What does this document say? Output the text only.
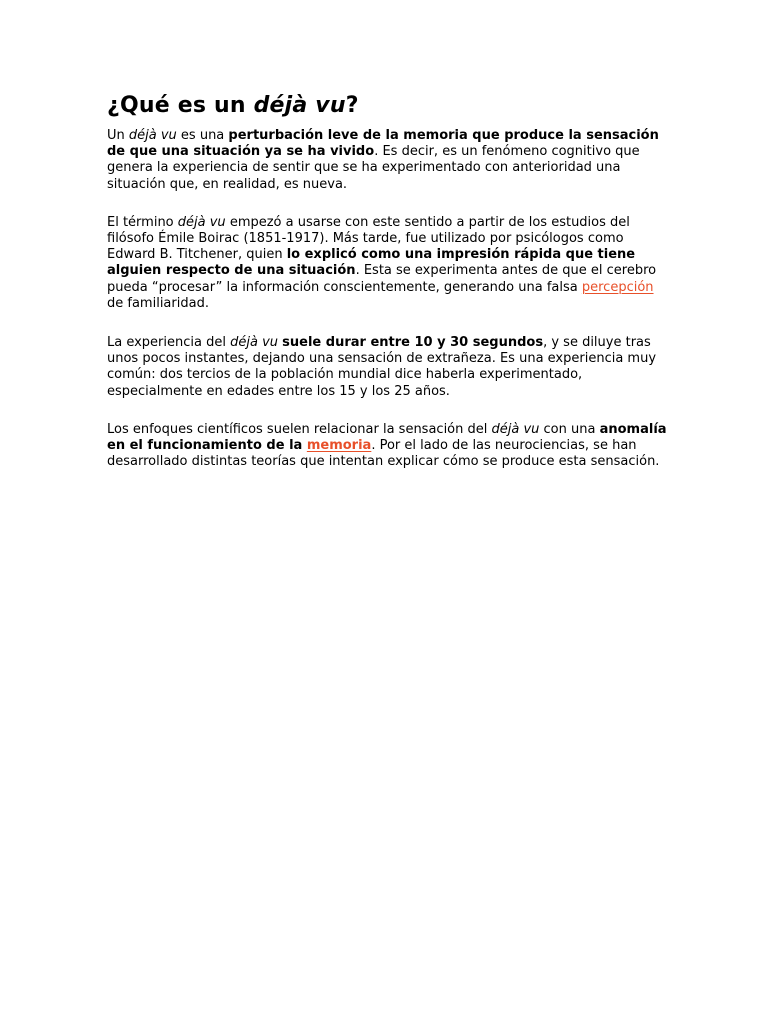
¿Qué es un déjà vu?

Un déjà vu es una perturbación leve de la memoria que produce la sensación de que una situación ya se ha vivido. Es decir, es un fenómeno cognitivo que genera la experiencia de sentir que se ha experimentado con anterioridad una situación que, en realidad, es nueva.

El término déjà vu empezó a usarse con este sentido a partir de los estudios del filósofo Émile Boirac (1851-1917). Más tarde, fue utilizado por psicólogos como Edward B. Titchener, quien lo explicó como una impresión rápida que tiene alguien respecto de una situación. Esta se experimenta antes de que el cerebro pueda “procesar” la información conscientemente, generando una falsa percepción de familiaridad.

La experiencia del déjà vu suele durar entre 10 y 30 segundos, y se diluye tras unos pocos instantes, dejando una sensación de extrañeza. Es una experiencia muy común: dos tercios de la población mundial dice haberla experimentado, especialmente en edades entre los 15 y los 25 años.

Los enfoques científicos suelen relacionar la sensación del déjà vu con una anomalía en el funcionamiento de la memoria. Por el lado de las neurociencias, se han desarrollado distintas teorías que intentan explicar cómo se produce esta sensación.
